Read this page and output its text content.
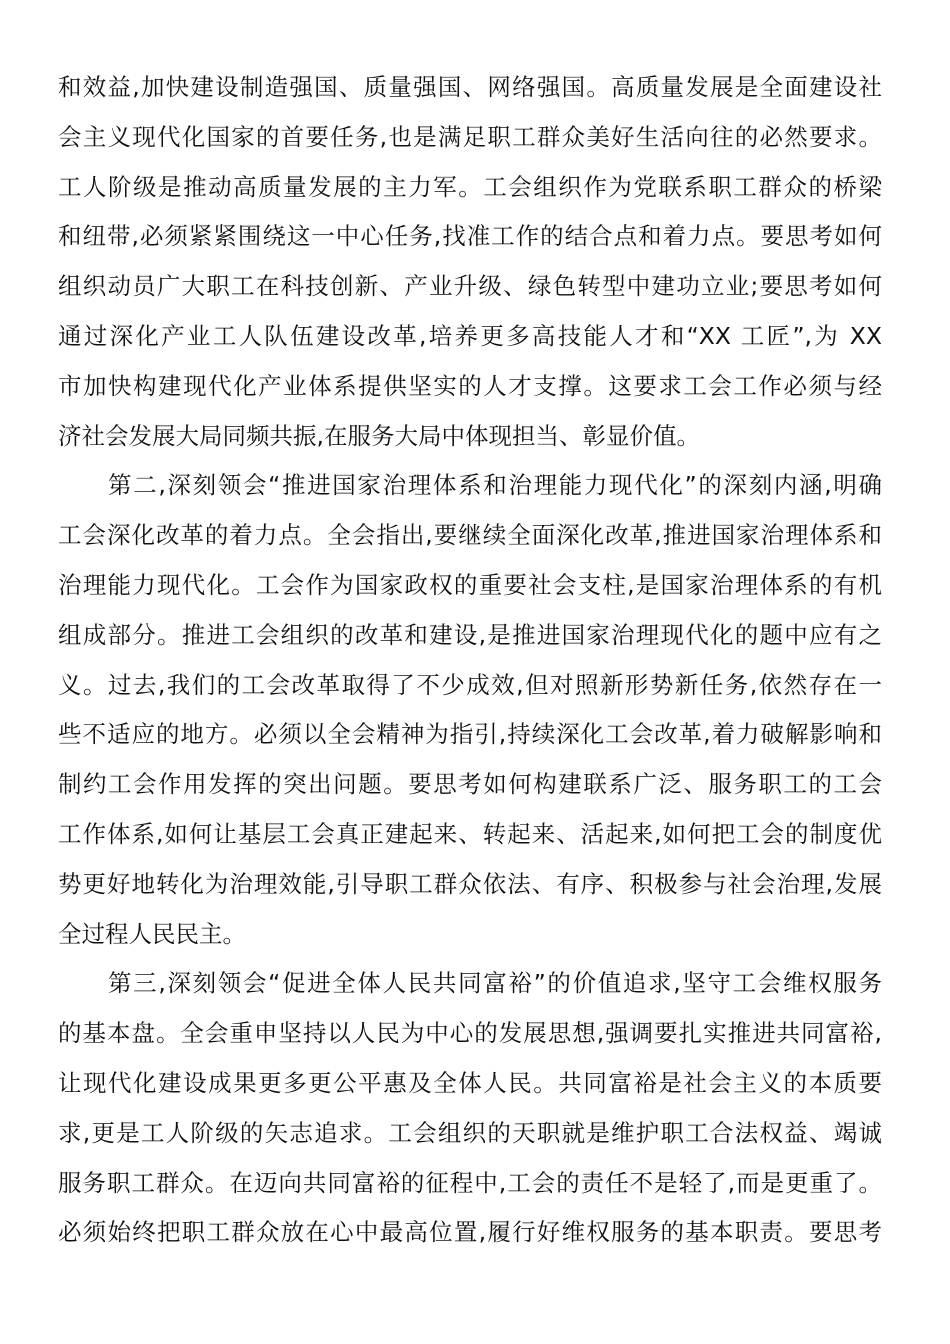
和效益,加快建设制造强国、质量强国、网络强国。高质量发展是全面建设社
会主义现代化国家的首要任务,也是满足职工群众美好生活向往的必然要求。
工人阶级是推动高质量发展的主力军。工会组织作为党联系职工群众的桥梁
和纽带,必须紧紧围绕这一中心任务,找准工作的结合点和着力点。要思考如何
组织动员广大职工在科技创新、产业升级、绿色转型中建功立业;要思考如何
通过深化产业工人队伍建设改革,培养更多高技能人才和“XX 工匠”,为 XX
市加快构建现代化产业体系提供坚实的人才支撑。这要求工会工作必须与经
济社会发展大局同频共振,在服务大局中体现担当、彰显价值。
第二,深刻领会“推进国家治理体系和治理能力现代化”的深刻内涵,明确
工会深化改革的着力点。全会指出,要继续全面深化改革,推进国家治理体系和
治理能力现代化。工会作为国家政权的重要社会支柱,是国家治理体系的有机
组成部分。推进工会组织的改革和建设,是推进国家治理现代化的题中应有之
义。过去,我们的工会改革取得了不少成效,但对照新形势新任务,依然存在一
些不适应的地方。必须以全会精神为指引,持续深化工会改革,着力破解影响和
制约工会作用发挥的突出问题。要思考如何构建联系广泛、服务职工的工会
工作体系,如何让基层工会真正建起来、转起来、活起来,如何把工会的制度优
势更好地转化为治理效能,引导职工群众依法、有序、积极参与社会治理,发展
全过程人民民主。
第三,深刻领会“促进全体人民共同富裕”的价值追求,坚守工会维权服务
的基本盘。全会重申坚持以人民为中心的发展思想,强调要扎实推进共同富裕,
让现代化建设成果更多更公平惠及全体人民。共同富裕是社会主义的本质要
求,更是工人阶级的矢志追求。工会组织的天职就是维护职工合法权益、竭诚
服务职工群众。在迈向共同富裕的征程中,工会的责任不是轻了,而是更重了。
必须始终把职工群众放在心中最高位置,履行好维权服务的基本职责。要思考
